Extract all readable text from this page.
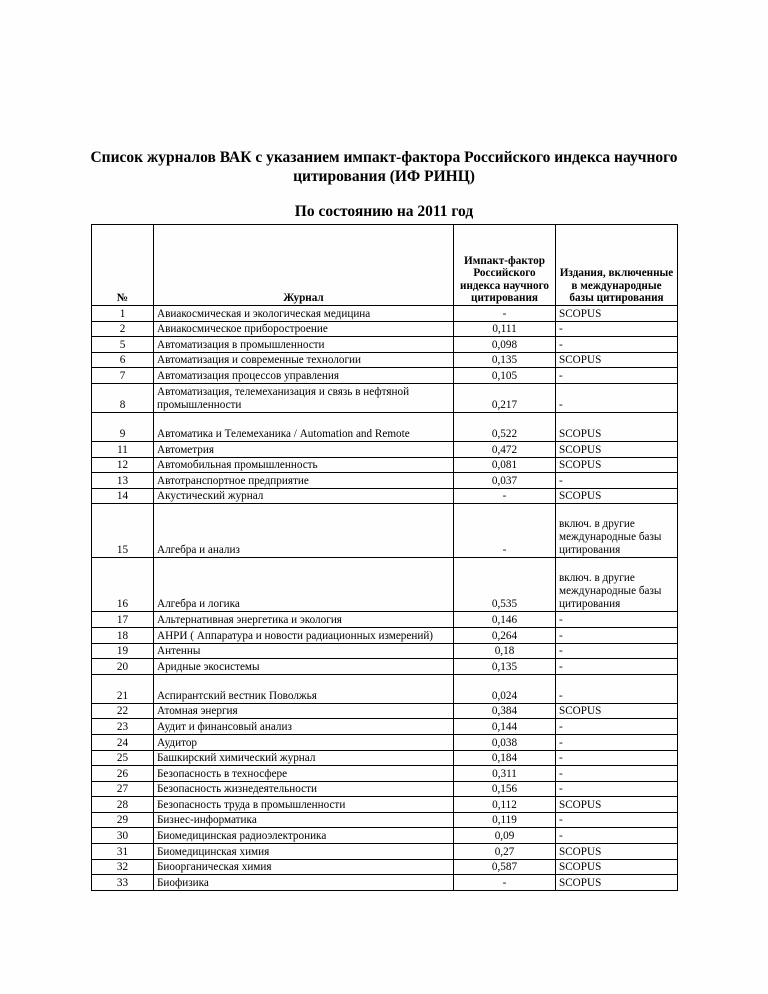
Список журналов ВАК с указанием импакт-фактора Российского индекса научного цитирования (ИФ РИНЦ)
По состоянию на 2011 год
№	Журнал	Импакт-фактор Российского индекса научного цитирования	Издания, включенные в международные базы цитирования
1	Авиакосмическая и экологическая медицина	-	SCOPUS
2	Авиакосмическое приборостроение	0,111	-
5	Автоматизация в промышленности	0,098	-
6	Автоматизация и современные технологии	0,135	SCOPUS
7	Автоматизация процессов управления	0,105	-
8	Автоматизация, телемеханизация и связь в нефтяной промышленности	0,217	-
9	Автоматика и Телемеханика / Automation and Remote	0,522	SCOPUS
11	Автометрия	0,472	SCOPUS
12	Автомобильная промышленность	0,081	SCOPUS
13	Автотранспортное предприятие	0,037	-
14	Акустический журнал	-	SCOPUS
15	Алгебра и анализ	-	включ. в другие международные базы цитирования
16	Алгебра и логика	0,535	включ. в другие международные базы цитирования
17	Альтернативная энергетика и экология	0,146	-
18	АНРИ ( Аппаратура и новости радиационных измерений)	0,264	-
19	Антенны	0,18	-
20	Аридные экосистемы	0,135	-
21	Аспирантский вестник Поволжья	0,024	-
22	Атомная энергия	0,384	SCOPUS
23	Аудит и финансовый анализ	0,144	-
24	Аудитор	0,038	-
25	Башкирский химический журнал	0,184	-
26	Безопасность в техносфере	0,311	-
27	Безопасность жизнедеятельности	0,156	-
28	Безопасность труда в промышленности	0,112	SCOPUS
29	Бизнес-информатика	0,119	-
30	Биомедицинская радиоэлектроника	0,09	-
31	Биомедицинская химия	0,27	SCOPUS
32	Биоорганическая химия	0,587	SCOPUS
33	Биофизика	-	SCOPUS
